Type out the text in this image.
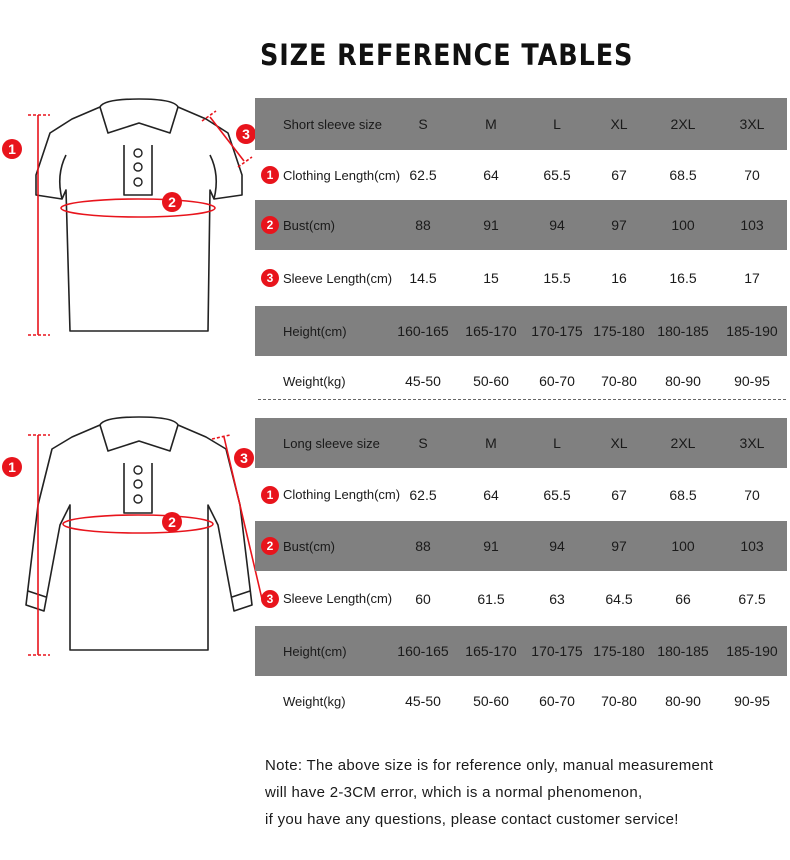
SIZE REFERENCE TABLES
1
2
3
1
2
3
Short sleeve size	S	M	L	XL	2XL	3XL
1 Clothing Length(cm) 62.5	64	65.5	67	68.5	70
2 Bust(cm)	88	91	94	97	100	103
3 Sleeve Length(cm)	14.5	15	15.5	16	16.5	17
Height(cm)	160-165	165-170	170-175 175-180 180-185	185-190
Weight(kg)	45-50	50-60	60-70	70-80	80-90	90-95
Long sleeve size	S	M	L	XL	2XL	3XL
1 Clothing Length(cm) 62.5	64	65.5	67	68.5	70
2 Bust(cm)	88	91	94	97	100	103
3 Sleeve Length(cm)	60	61.5	63	64.5	66	67.5
Height(cm)	160-165	165-170	170-175 175-180 180-185	185-190
Weight(kg)	45-50	50-60	60-70	70-80	80-90	90-95
Note: The above size is for reference only, manual measurement
will have 2-3CM error, which is a normal phenomenon,
if you have any questions, please contact customer service!
